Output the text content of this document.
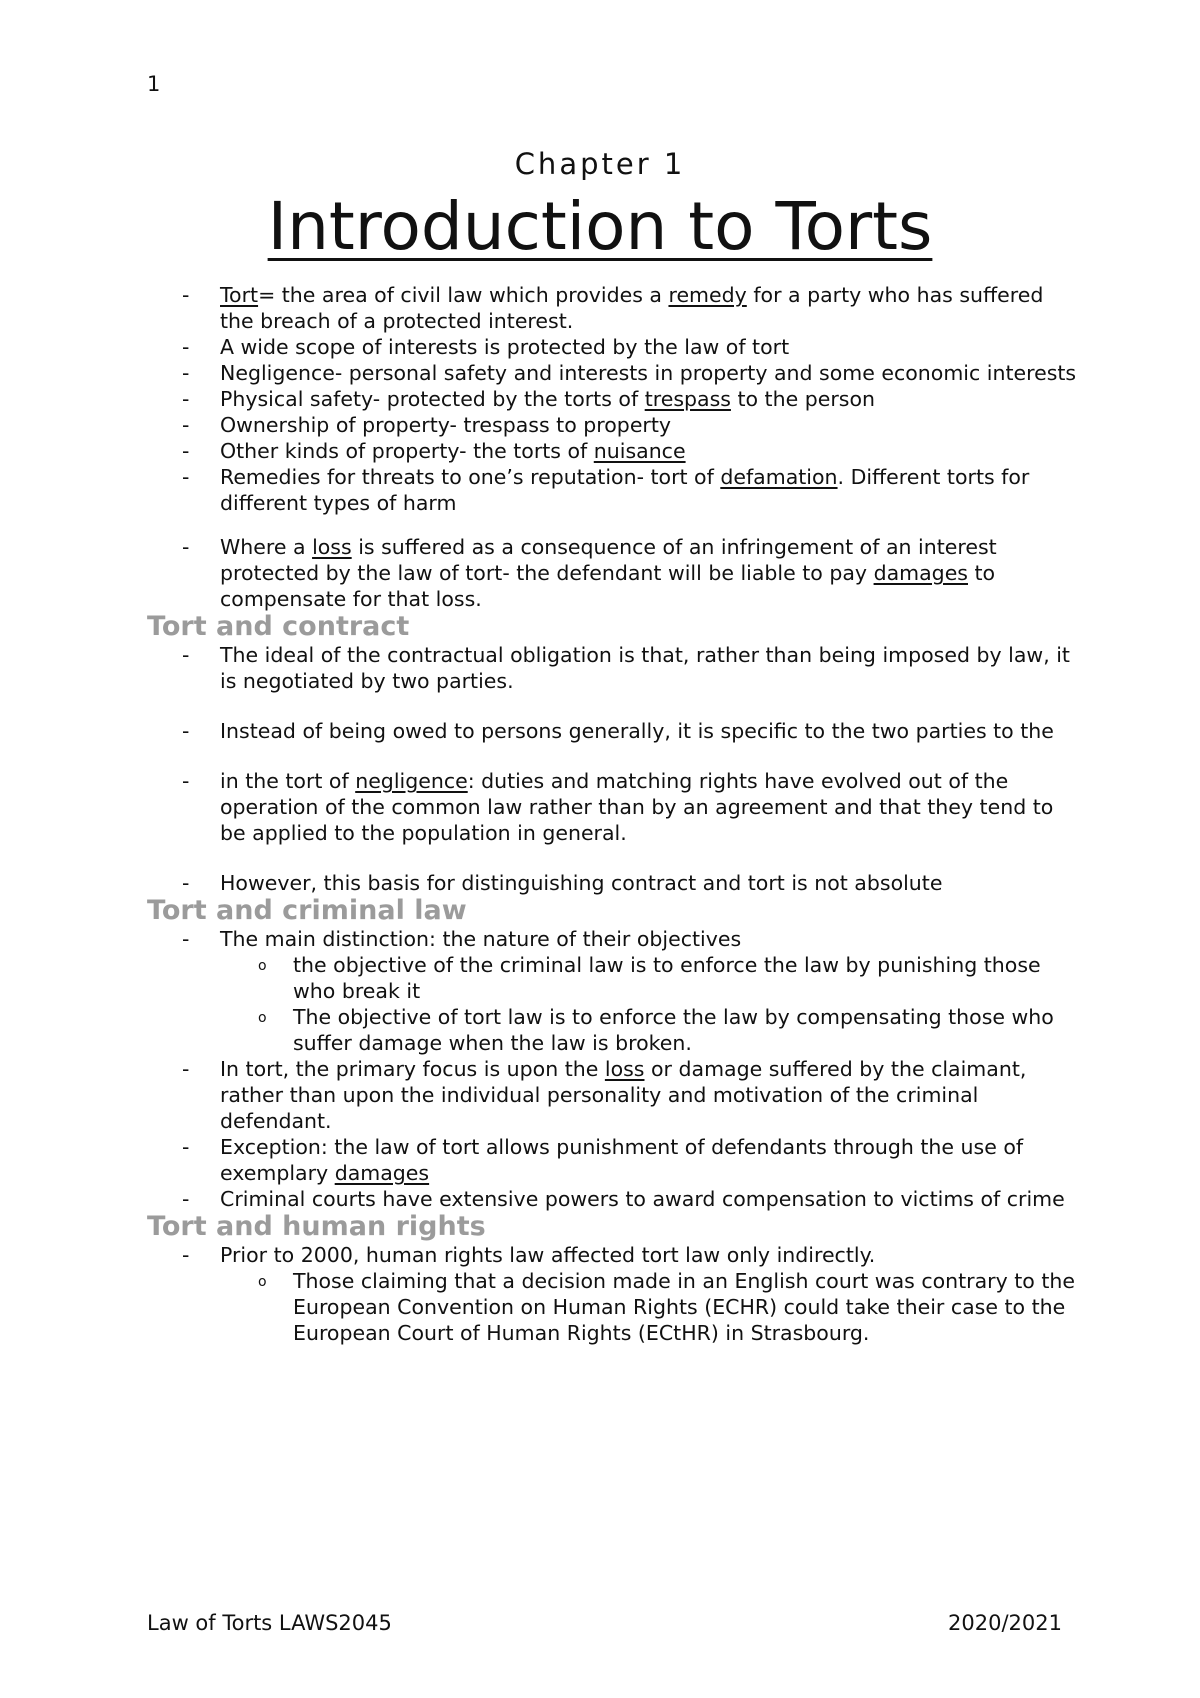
1
Chapter 1
Introduction to Torts
- Tort= the area of civil law which provides a remedy for a party who has suffered the breach of a protected interest.
- A wide scope of interests is protected by the law of tort
- Negligence- personal safety and interests in property and some economic interests
- Physical safety- protected by the torts of trespass to the person
- Ownership of property- trespass to property
- Other kinds of property- the torts of nuisance
- Remedies for threats to one’s reputation- tort of defamation. Different torts for different types of harm
- Where a loss is suffered as a consequence of an infringement of an interest protected by the law of tort- the defendant will be liable to pay damages to compensate for that loss.
Tort and contract
- The ideal of the contractual obligation is that, rather than being imposed by law, it is negotiated by two parties.
- Instead of being owed to persons generally, it is specific to the two parties to the
- in the tort of negligence: duties and matching rights have evolved out of the operation of the common law rather than by an agreement and that they tend to be applied to the population in general.
- However, this basis for distinguishing contract and tort is not absolute
Tort and criminal law
- The main distinction: the nature of their objectives
o the objective of the criminal law is to enforce the law by punishing those who break it
o The objective of tort law is to enforce the law by compensating those who suffer damage when the law is broken.
- In tort, the primary focus is upon the loss or damage suffered by the claimant, rather than upon the individual personality and motivation of the criminal defendant.
- Exception: the law of tort allows punishment of defendants through the use of exemplary damages
- Criminal courts have extensive powers to award compensation to victims of crime
Tort and human rights
- Prior to 2000, human rights law affected tort law only indirectly.
o Those claiming that a decision made in an English court was contrary to the European Convention on Human Rights (ECHR) could take their case to the European Court of Human Rights (ECtHR) in Strasbourg.
Law of Torts LAWS2045	2020/2021
